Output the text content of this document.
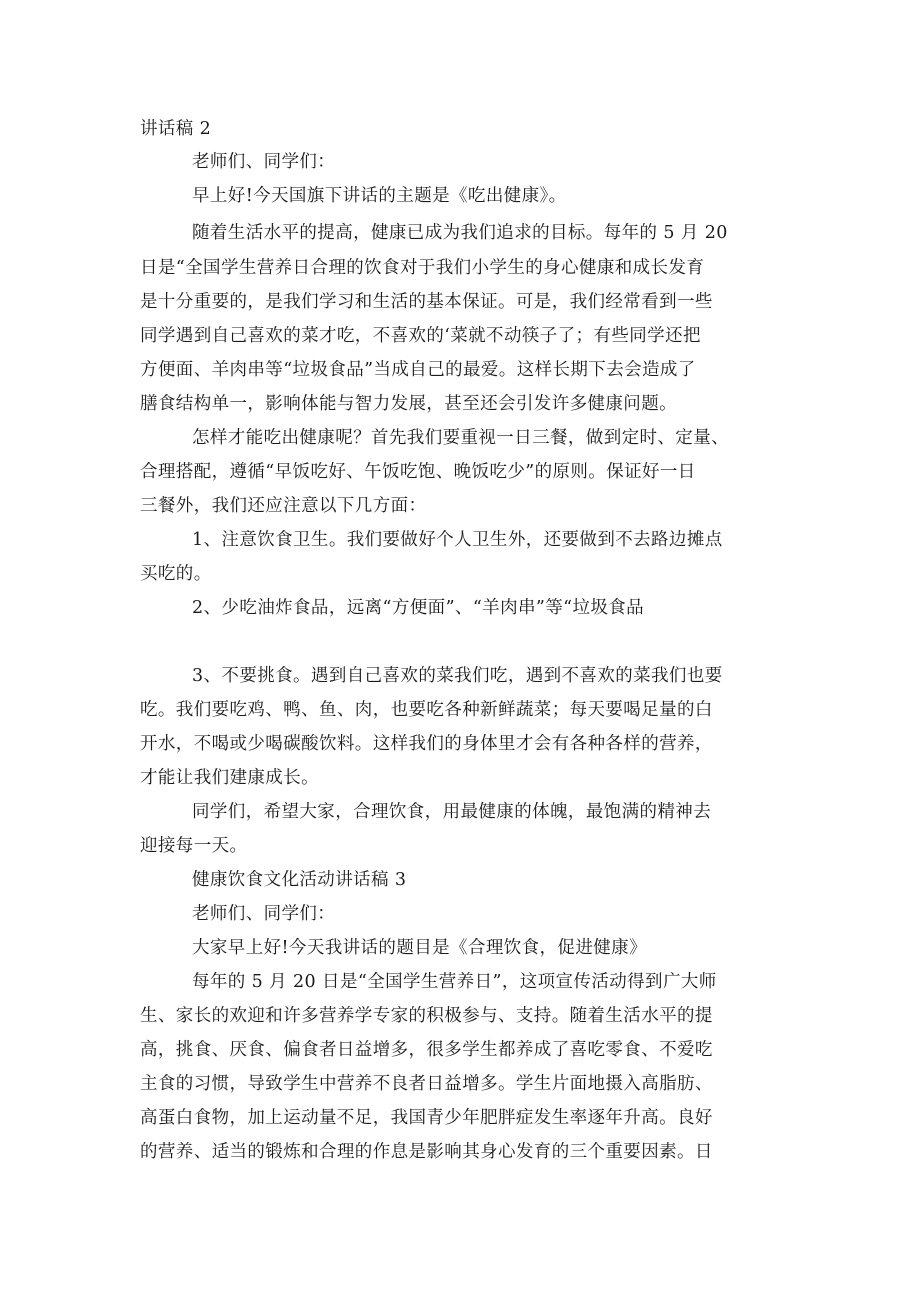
讲话稿 2

老师们、同学们：

早上好!今天国旗下讲话的主题是《吃出健康》。

随着生活水平的提高，健康已成为我们追求的目标。每年的 5 月 20

日是“全国学生营养日合理的饮食对于我们小学生的身心健康和成长发育

是十分重要的，是我们学习和生活的基本保证。可是，我们经常看到一些

同学遇到自己喜欢的菜才吃，不喜欢的‘菜就不动筷子了；有些同学还把

方便面、羊肉串等“垃圾食品”当成自己的最爱。这样长期下去会造成了

膳食结构单一，影响体能与智力发展，甚至还会引发许多健康问题。

怎样才能吃出健康呢？首先我们要重视一日三餐，做到定时、定量、

合理搭配，遵循“早饭吃好、午饭吃饱、晚饭吃少”的原则。保证好一日

三餐外，我们还应注意以下几方面：

1、注意饮食卫生。我们要做好个人卫生外，还要做到不去路边摊点

买吃的。

2、少吃油炸食品，远离“方便面”、“羊肉串”等“垃圾食品

3、不要挑食。遇到自己喜欢的菜我们吃，遇到不喜欢的菜我们也要

吃。我们要吃鸡、鸭、鱼、肉，也要吃各种新鲜蔬菜；每天要喝足量的白

开水，不喝或少喝碳酸饮料。这样我们的身体里才会有各种各样的营养，

才能让我们建康成长。

同学们，希望大家，合理饮食，用最健康的体魄，最饱满的精神去

迎接每一天。

健康饮食文化活动讲话稿 3

老师们、同学们：

大家早上好!今天我讲话的题目是《合理饮食，促进健康》

每年的 5 月 20 日是“全国学生营养日”，这项宣传活动得到广大师

生、家长的欢迎和许多营养学专家的积极参与、支持。随着生活水平的提

高，挑食、厌食、偏食者日益增多，很多学生都养成了喜吃零食、不爱吃

主食的习惯，导致学生中营养不良者日益增多。学生片面地摄入高脂肪、

高蛋白食物，加上运动量不足，我国青少年肥胖症发生率逐年升高。良好

的营养、适当的锻炼和合理的作息是影响其身心发育的三个重要因素。日
